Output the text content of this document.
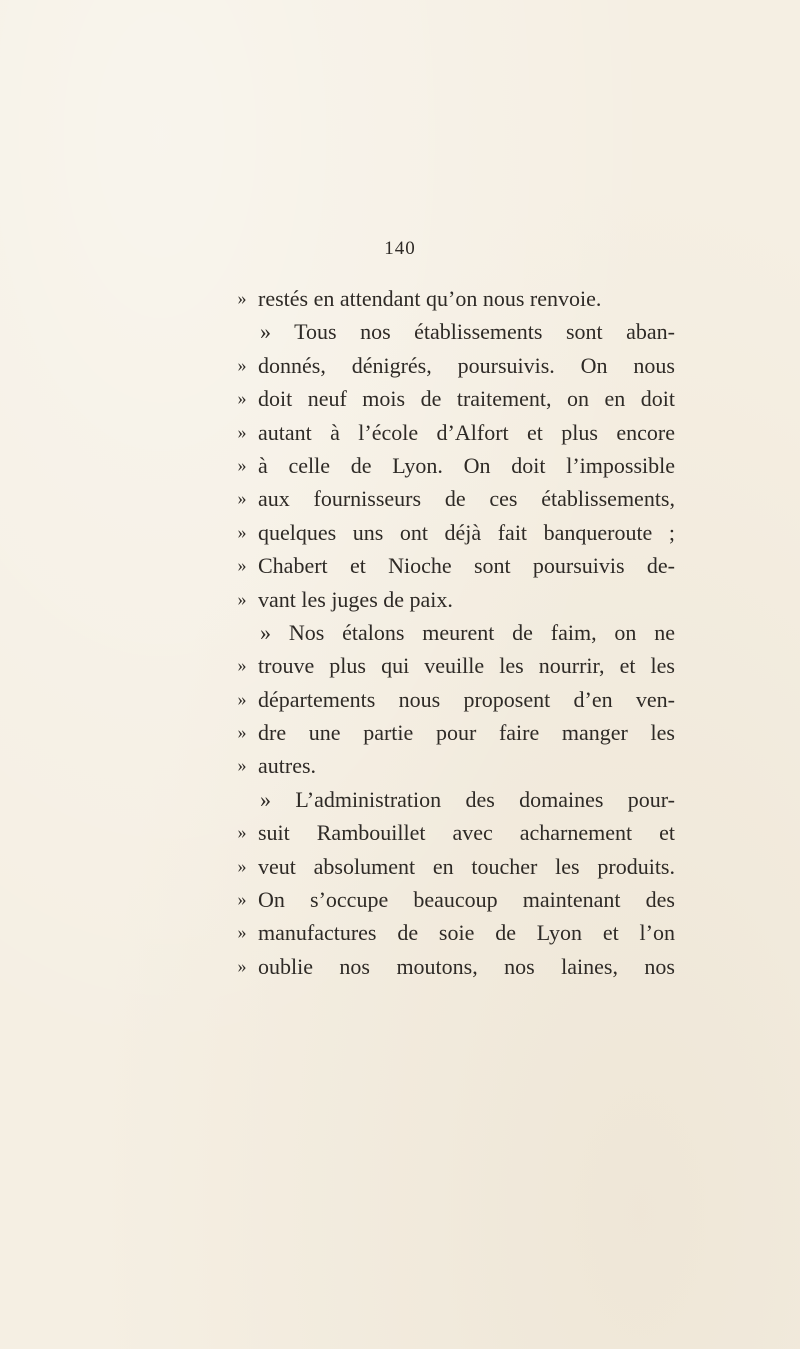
140
» restés en attendant qu’on nous renvoie.
» Tous nos établissements sont aban-
» donnés, dénigrés, poursuivis. On nous
» doit neuf mois de traitement, on en doit
» autant à l’école d’Alfort et plus encore
» à celle de Lyon. On doit l’impossible
» aux fournisseurs de ces établissements,
» quelques uns ont déjà fait banqueroute ;
» Chabert et Nioche sont poursuivis de-
» vant les juges de paix.
» Nos étalons meurent de faim, on ne
» trouve plus qui veuille les nourrir, et les
» départements nous proposent d’en ven-
» dre une partie pour faire manger les
» autres.
» L’administration des domaines pour-
» suit Rambouillet avec acharnement et
» veut absolument en toucher les produits.
» On s’occupe beaucoup maintenant des
» manufactures de soie de Lyon et l’on
» oublie nos moutons, nos laines, nos
